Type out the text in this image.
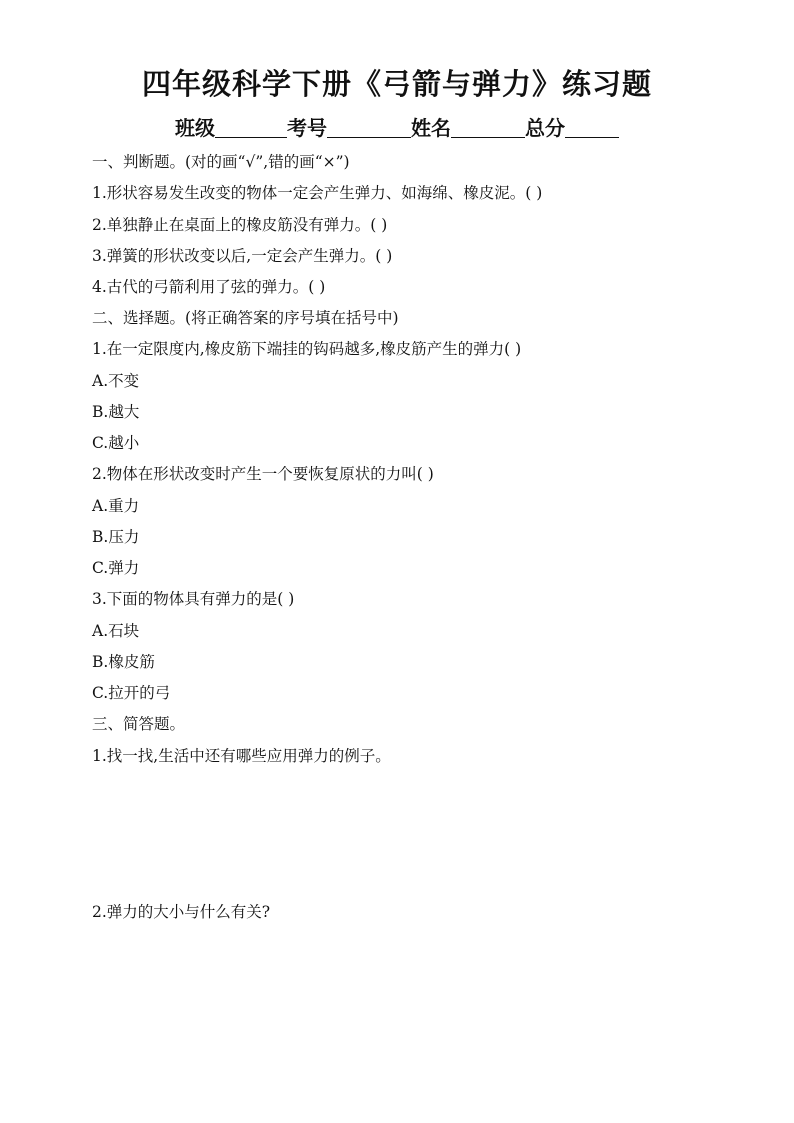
四年级科学下册《弓箭与弹力》练习题
班级	考号	姓名	总分
一、判断题。(对的画“√”,错的画“×”)
1.形状容易发生改变的物体一定会产生弹力、如海绵、橡皮泥。( )
2.单独静止在桌面上的橡皮筋没有弹力。( )
3.弹簧的形状改变以后,一定会产生弹力。( )
4.古代的弓箭利用了弦的弹力。( )
二、选择题。(将正确答案的序号填在括号中)
1.在一定限度内,橡皮筋下端挂的钩码越多,橡皮筋产生的弹力( )
A.不变
B.越大
C.越小
2.物体在形状改变时产生一个要恢复原状的力叫( )
A.重力
B.压力
C.弹力
3.下面的物体具有弹力的是( )
A.石块
B.橡皮筋
C.拉开的弓
三、简答题。
1.找一找,生活中还有哪些应用弹力的例子。
2.弹力的大小与什么有关?
